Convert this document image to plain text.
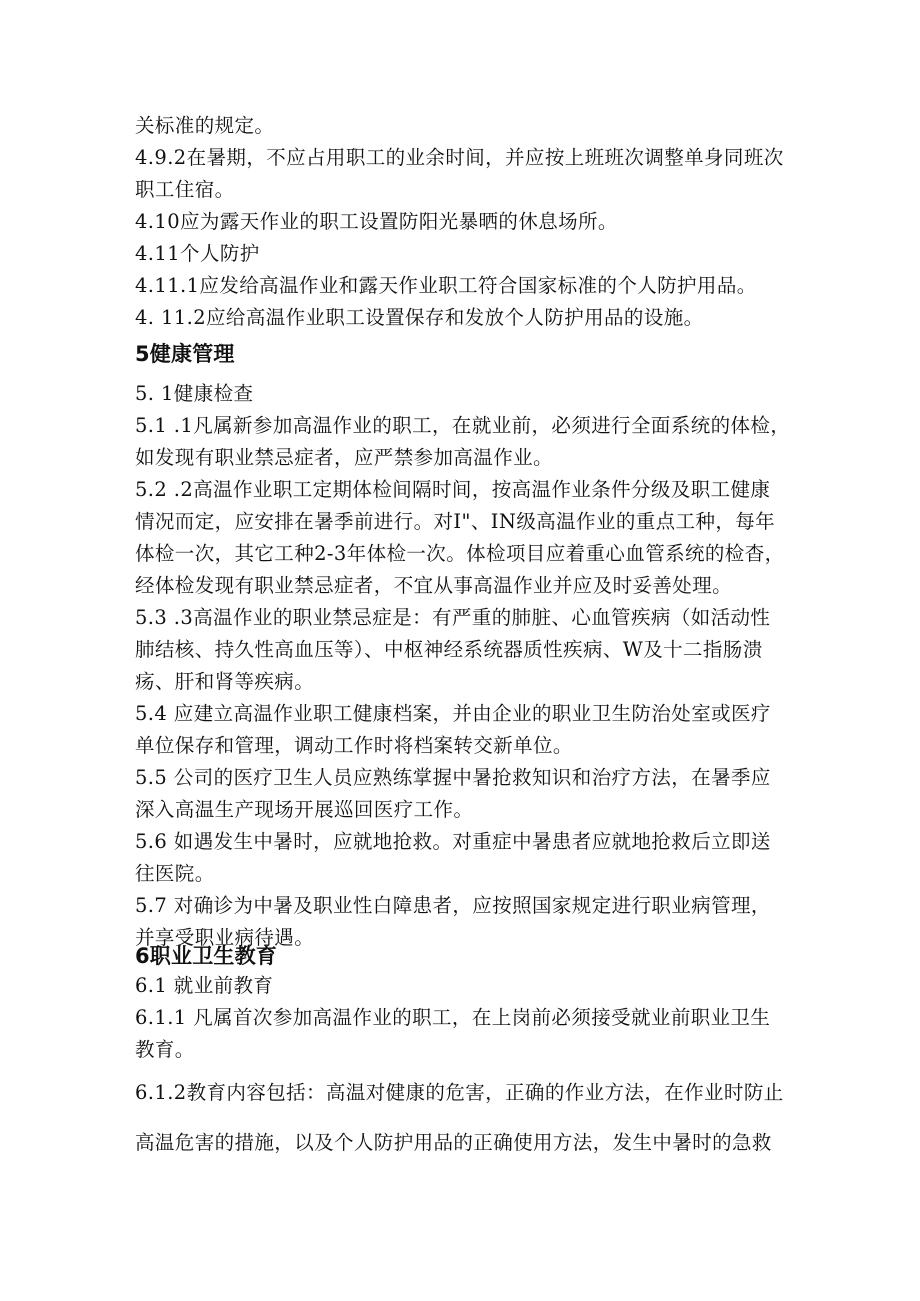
关标准的规定。

4.9.2在暑期，不应占用职工的业余时间，并应按上班班次调整单身同班次

职工住宿。

4.10应为露天作业的职工设置防阳光暴晒的休息场所。

4.11个人防护

4.11.1应发给高温作业和露天作业职工符合国家标准的个人防护用品。

4. 11.2应给高温作业职工设置保存和发放个人防护用品的设施。

5健康管理

5. 1健康检查

5.1 .1凡属新参加高温作业的职工，在就业前，必须进行全面系统的体检，

如发现有职业禁忌症者，应严禁参加高温作业。

5.2 .2高温作业职工定期体检间隔时间，按高温作业条件分级及职工健康

情况而定，应安排在暑季前进行。对I"、IN级高温作业的重点工种，每年

体检一次，其它工种2-3年体检一次。体检项目应着重心血管系统的检杳，

经体检发现有职业禁忌症者，不宜从事高温作业并应及时妥善处理。

5.3 .3高温作业的职业禁忌症是：有严重的肺脏、心血管疾病（如活动性

肺结核、持久性高血压等）、中枢神经系统器质性疾病、W及十二指肠溃

疡、肝和肾等疾病。

5.4 应建立高温作业职工健康档案，并由企业的职业卫生防治处室或医疗

单位保存和管理，调动工作时将档案转交新单位。

5.5 公司的医疗卫生人员应熟练掌握中暑抢救知识和治疗方法，在暑季应

深入高温生产现场开展巡回医疗工作。

5.6 如遇发生中暑时，应就地抢救。对重症中暑患者应就地抢救后立即送

往医院。

5.7 对确诊为中暑及职业性白障患者，应按照国家规定进行职业病管理，

并享受职业病待遇。

6职业卫生教育

6.1 就业前教育

6.1.1 凡属首次参加高温作业的职工，在上岗前必须接受就业前职业卫生

教育。

6.1.2教育内容包括：高温对健康的危害，正确的作业方法，在作业时防止

高温危害的措施，以及个人防护用品的正确使用方法，发生中暑时的急救
